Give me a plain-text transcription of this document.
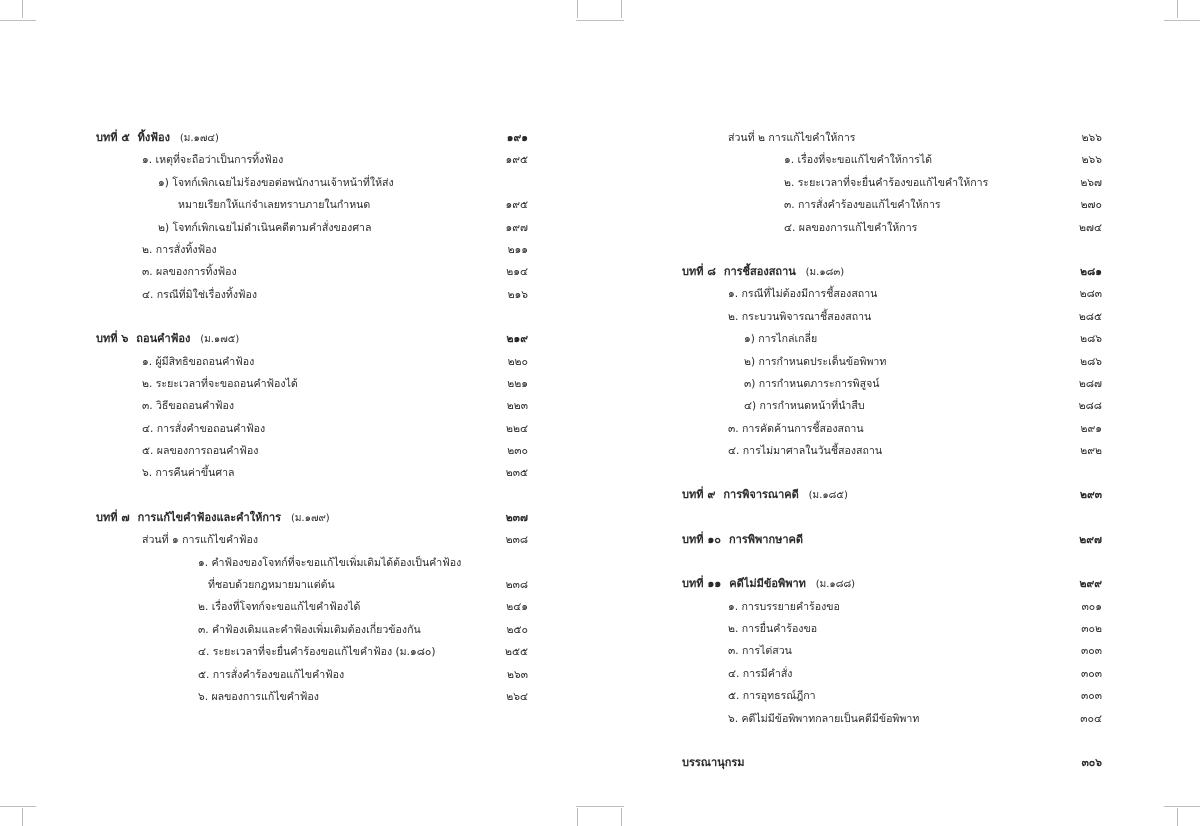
บทที่ ๕ ทิ้งฟ้อง (ม.๑๗๔)	๑๙๑
๑. เหตุที่จะถือว่าเป็นการทิ้งฟ้อง	๑๙๕
๑) โจทก์เพิกเฉยไม่ร้องขอต่อพนักงานเจ้าหน้าที่ให้ส่ง
หมายเรียกให้แก่จำเลยทราบภายในกำหนด	๑๙๕
๒) โจทก์เพิกเฉยไม่ดำเนินคดีตามคำสั่งของศาล	๑๙๗
๒. การสั่งทิ้งฟ้อง	๒๑๑
๓. ผลของการทิ้งฟ้อง	๒๑๔
๔. กรณีที่มิใช่เรื่องทิ้งฟ้อง	๒๑๖
บทที่ ๖ ถอนคำฟ้อง (ม.๑๗๕)	๒๑๙
๑. ผู้มีสิทธิขอถอนคำฟ้อง	๒๒๐
๒. ระยะเวลาที่จะขอถอนคำฟ้องได้	๒๒๑
๓. วิธีขอถอนคำฟ้อง	๒๒๓
๔. การสั่งคำขอถอนคำฟ้อง	๒๒๔
๕. ผลของการถอนคำฟ้อง	๒๓๐
๖. การคืนค่าขึ้นศาล	๒๓๕
บทที่ ๗ การแก้ไขคำฟ้องและคำให้การ (ม.๑๗๙)	๒๓๗
ส่วนที่ ๑ การแก้ไขคำฟ้อง	๒๓๘
๑. คำฟ้องของโจทก์ที่จะขอแก้ไขเพิ่มเติมได้ต้องเป็นคำฟ้อง
ที่ชอบด้วยกฎหมายมาแต่ต้น	๒๓๘
๒. เรื่องที่โจทก์จะขอแก้ไขคำฟ้องได้	๒๔๑
๓. คำฟ้องเดิมและคำฟ้องเพิ่มเติมต้องเกี่ยวข้องกัน	๒๕๐
๔. ระยะเวลาที่จะยื่นคำร้องขอแก้ไขคำฟ้อง (ม.๑๘๐)	๒๕๕
๕. การสั่งคำร้องขอแก้ไขคำฟ้อง	๒๖๓
๖. ผลของการแก้ไขคำฟ้อง	๒๖๔
ส่วนที่ ๒ การแก้ไขคำให้การ	๒๖๖
๑. เรื่องที่จะขอแก้ไขคำให้การได้	๒๖๖
๒. ระยะเวลาที่จะยื่นคำร้องขอแก้ไขคำให้การ	๒๖๗
๓. การสั่งคำร้องขอแก้ไขคำให้การ	๒๗๐
๔. ผลของการแก้ไขคำให้การ	๒๗๔
บทที่ ๘ การชี้สองสถาน (ม.๑๘๓)	๒๘๑
๑. กรณีที่ไม่ต้องมีการชี้สองสถาน	๒๘๓
๒. กระบวนพิจารณาชี้สองสถาน	๒๘๕
๑) การไกล่เกลี่ย	๒๘๖
๒) การกำหนดประเด็นข้อพิพาท	๒๘๖
๓) การกำหนดภาระการพิสูจน์	๒๘๗
๔) การกำหนดหน้าที่นำสืบ	๒๘๘
๓. การคัดค้านการชี้สองสถาน	๒๙๑
๔. การไม่มาศาลในวันชี้สองสถาน	๒๙๒
บทที่ ๙ การพิจารณาคดี (ม.๑๘๕)	๒๙๓
บทที่ ๑๐ การพิพากษาคดี	๒๙๗
บทที่ ๑๑ คดีไม่มีข้อพิพาท (ม.๑๘๘)	๒๙๙
๑. การบรรยายคำร้องขอ	๓๐๑
๒. การยื่นคำร้องขอ	๓๐๒
๓. การไต่สวน	๓๐๓
๔. การมีคำสั่ง	๓๐๓
๕. การอุทธรณ์ฎีกา	๓๐๓
๖. คดีไม่มีข้อพิพาทกลายเป็นคดีมีข้อพิพาท	๓๐๔
บรรณานุกรม	๓๐๖
